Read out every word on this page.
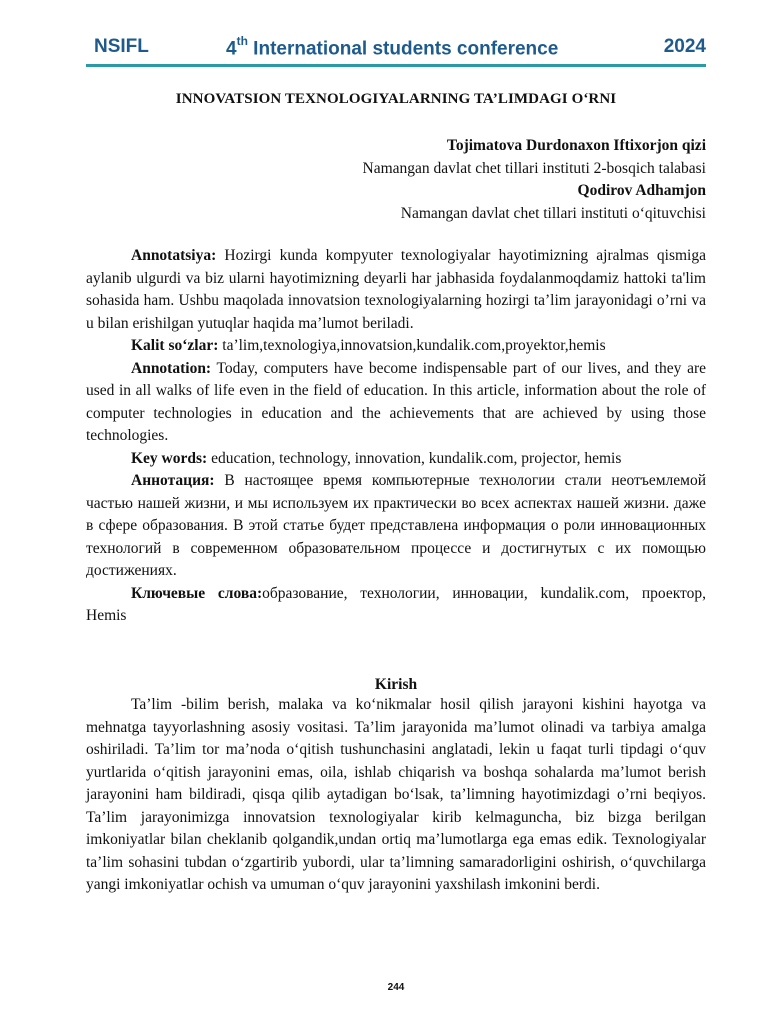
NSIFL	4th International students conference	2024
INNOVATSION TEXNOLOGIYALARNING TA’LIMDAGI O‘RNI
Tojimatova Durdonaxon Iftixorjon qizi
Namangan davlat chet tillari instituti 2-bosqich talabasi
Qodirov Adhamjon
Namangan davlat chet tillari instituti o‘qituvchisi

Annotatsiya: Hozirgi kunda kompyuter texnologiyalar hayotimizning ajralmas qismiga aylanib ulgurdi va biz ularni hayotimizning deyarli har jabhasida foydalanmoqdamiz hattoki ta'lim sohasida ham. Ushbu maqolada innovatsion texnologiyalarning hozirgi ta’lim jarayonidagi o’rni va u bilan erishilgan yutuqlar haqida ma’lumot beriladi.

Kalit so‘zlar: ta’lim,texnologiya,innovatsion,kundalik.com,proyektor,hemis

Annotation: Today, computers have become indispensable part of our lives, and they are used in all walks of life even in the field of education. In this article, information about the role of computer technologies in education and the achievements that are achieved by using those technologies.

Key words: education, technology, innovation, kundalik.com, projector, hemis

Аннотация: В настоящее время компьютерные технологии стали неотъемлемой частью нашей жизни, и мы используем их практически во всех аспектах нашей жизни. даже в сфере образования. В этой статье будет представлена информация о роли инновационных технологий в современном образовательном процессе и достигнутых с их помощью достижениях.

Ключевые слова:образование, технологии, инновации, kundalik.com, проектор, Hemis

Kirish

Ta’lim -bilim berish, malaka va ko‘nikmalar hosil qilish jarayoni kishini hayotga va mehnatga tayyorlashning asosiy vositasi. Ta’lim jarayonida ma’lumot olinadi va tarbiya amalga oshiriladi. Ta’lim tor ma’noda o‘qitish tushunchasini anglatadi, lekin u faqat turli tipdagi o‘quv yurtlarida o‘qitish jarayonini emas, oila, ishlab chiqarish va boshqa sohalarda ma’lumot berish jarayonini ham bildiradi, qisqa qilib aytadigan bo‘lsak, ta’limning hayotimizdagi o’rni beqiyos. Ta’lim jarayonimizga innovatsion texnologiyalar kirib kelmaguncha, biz bizga berilgan imkoniyatlar bilan cheklanib qolgandik,undan ortiq ma’lumotlarga ega emas edik. Texnologiyalar ta’lim sohasini tubdan o‘zgartirib yubordi, ular ta’limning samaradorligini oshirish, o‘quvchilarga yangi imkoniyatlar ochish va umuman o‘quv jarayonini yaxshilash imkonini berdi.

244
